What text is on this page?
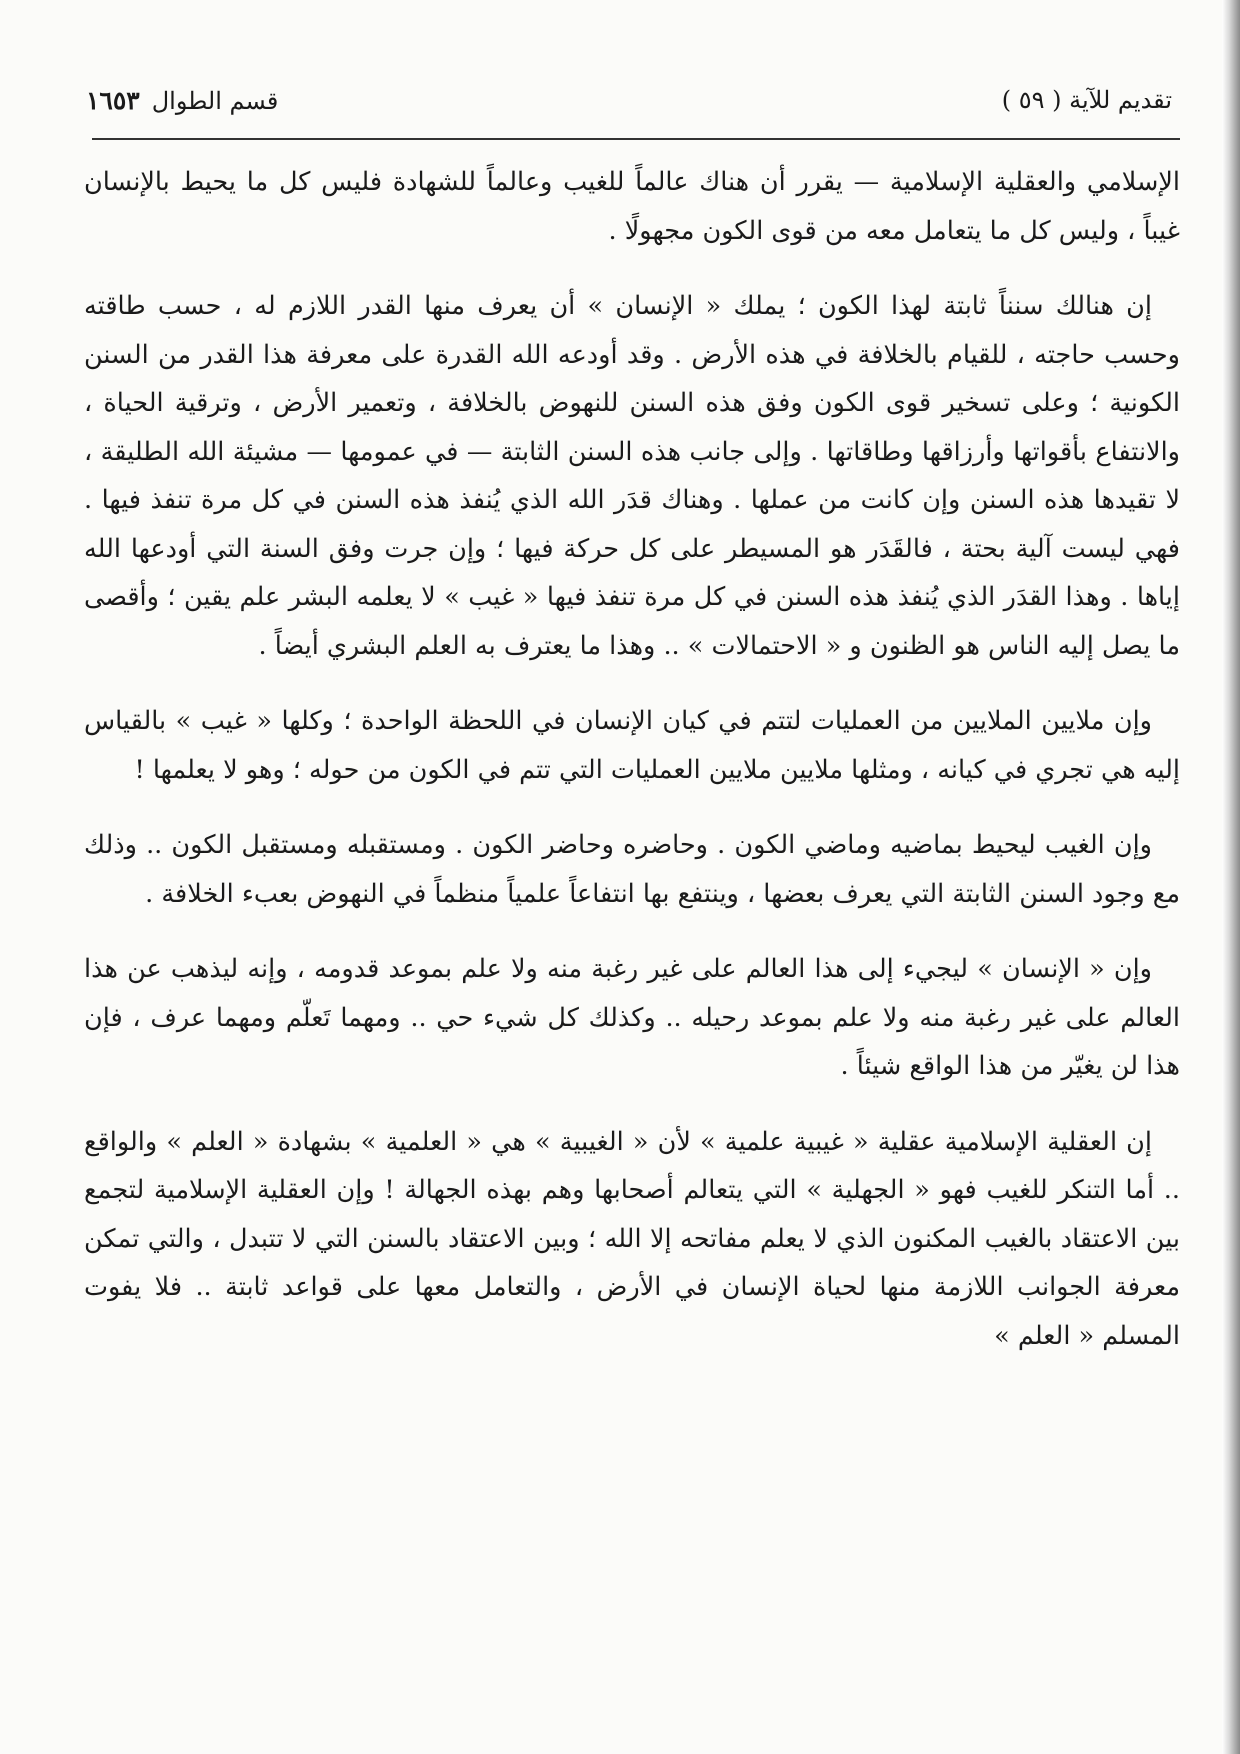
قسم الطوال١٦٥٣	تقديم للآية ( ٥٩ )

الإسلامي والعقلية الإسلامية — يقرر أن هناك عالماً للغيب وعالماً للشهادة فليس كل ما يحيط بالإنسان غيباً ، وليس كل ما يتعامل معه من قوى الكون مجهولًا .

إن هنالك سنناً ثابتة لهذا الكون ؛ يملك « الإنسان » أن يعرف منها القدر اللازم له ، حسب طاقته وحسب حاجته ، للقيام بالخلافة في هذه الأرض . وقد أودعه الله القدرة على معرفة هذا القدر من السنن الكونية ؛ وعلى تسخير قوى الكون وفق هذه السنن للنهوض بالخلافة ، وتعمير الأرض ، وترقية الحياة ، والانتفاع بأقواتها وأرزاقها وطاقاتها . وإلى جانب هذه السنن الثابتة — في عمومها — مشيئة الله الطليقة ، لا تقيدها هذه السنن وإن كانت من عملها . وهناك قدَر الله الذي يُنفذ هذه السنن في كل مرة تنفذ فيها . فهي ليست آلية بحتة ، فالقَدَر هو المسيطر على كل حركة فيها ؛ وإن جرت وفق السنة التي أودعها الله إياها . وهذا القدَر الذي يُنفذ هذه السنن في كل مرة تنفذ فيها « غيب » لا يعلمه البشر علم يقين ؛ وأقصى ما يصل إليه الناس هو الظنون و « الاحتمالات » .. وهذا ما يعترف به العلم البشري أيضاً .

وإن ملايين الملايين من العمليات لتتم في كيان الإنسان في اللحظة الواحدة ؛ وكلها « غيب » بالقياس إليه هي تجري في كيانه ، ومثلها ملايين ملايين العمليات التي تتم في الكون من حوله ؛ وهو لا يعلمها !

وإن الغيب ليحيط بماضيه وماضي الكون . وحاضره وحاضر الكون . ومستقبله ومستقبل الكون .. وذلك مع وجود السنن الثابتة التي يعرف بعضها ، وينتفع بها انتفاعاً علمياً منظماً في النهوض بعبء الخلافة .

وإن « الإنسان » ليجيء إلى هذا العالم على غير رغبة منه ولا علم بموعد قدومه ، وإنه ليذهب عن هذا العالم على غير رغبة منه ولا علم بموعد رحيله .. وكذلك كل شيء حي .. ومهما تَعلّم ومهما عرف ، فإن هذا لن يغيّر من هذا الواقع شيئاً .

إن العقلية الإسلامية عقلية « غيبية علمية » لأن « الغيبية » هي « العلمية » بشهادة « العلم » والواقع .. أما التنكر للغيب فهو « الجهلية » التي يتعالم أصحابها وهم بهذه الجهالة ! وإن العقلية الإسلامية لتجمع بين الاعتقاد بالغيب المكنون الذي لا يعلم مفاتحه إلا الله ؛ وبين الاعتقاد بالسنن التي لا تتبدل ، والتي تمكن معرفة الجوانب اللازمة منها لحياة الإنسان في الأرض ، والتعامل معها على قواعد ثابتة .. فلا يفوت المسلم « العلم »
